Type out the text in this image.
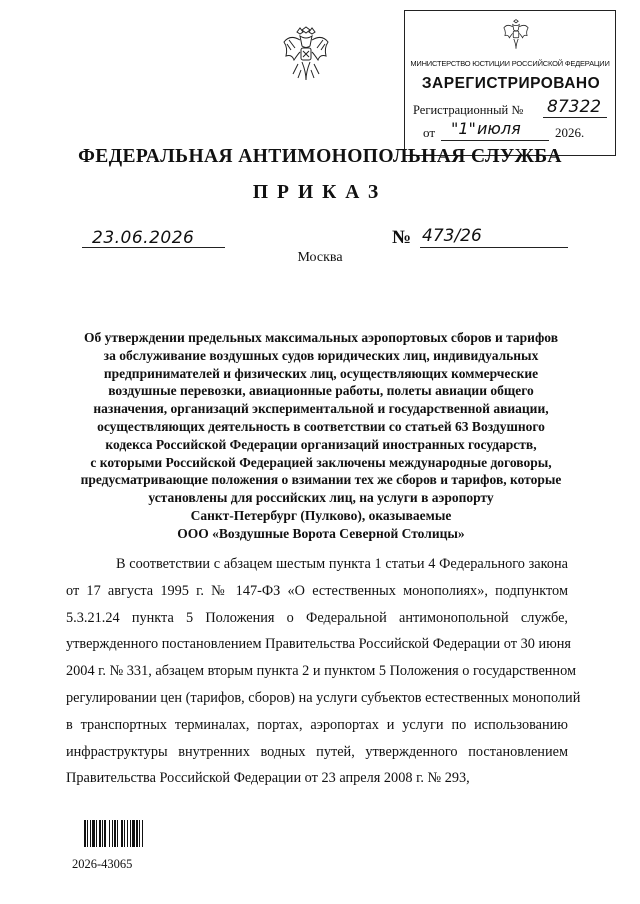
МИНИСТЕРСТВО ЮСТИЦИИ РОССИЙСКОЙ ФЕДЕРАЦИИ
ЗАРЕГИСТРИРОВАНО
Регистрационный № 87322
от "1" июля	2026.
ФЕДЕРАЛЬНАЯ АНТИМОНОПОЛЬНАЯ СЛУЖБА
ПРИКАЗ
23.06.2026	№ 473/26
Москва
Об утверждении предельных максимальных аэропортовых сборов и тарифов
за обслуживание воздушных судов юридических лиц, индивидуальных
предпринимателей и физических лиц, осуществляющих коммерческие
воздушные перевозки, авиационные работы, полеты авиации общего
назначения, организаций экспериментальной и государственной авиации,
осуществляющих деятельность в соответствии со статьей 63 Воздушного
кодекса Российской Федерации организаций иностранных государств,
с которыми Российской Федерацией заключены международные договоры,
предусматривающие положения о взимании тех же сборов и тарифов, которые
установлены для российских лиц, на услуги в аэропорту
Санкт-Петербург (Пулково), оказываемые
ООО «Воздушные Ворота Северной Столицы»
В соответствии с абзацем шестым пункта 1 статьи 4 Федерального закона
от 17 августа 1995 г. № 147-ФЗ «О естественных монополиях», подпунктом
5.3.21.24 пункта 5 Положения о Федеральной антимонопольной службе,
утвержденного постановлением Правительства Российской Федерации от 30 июня
2004 г. № 331, абзацем вторым пункта 2 и пунктом 5 Положения о государственном
регулировании цен (тарифов, сборов) на услуги субъектов естественных монополий
в транспортных терминалах, портах, аэропортах и услуги по использованию
инфраструктуры внутренних водных путей, утвержденного постановлением
Правительства Российской Федерации от 23 апреля 2008 г. № 293,
2026-43065
